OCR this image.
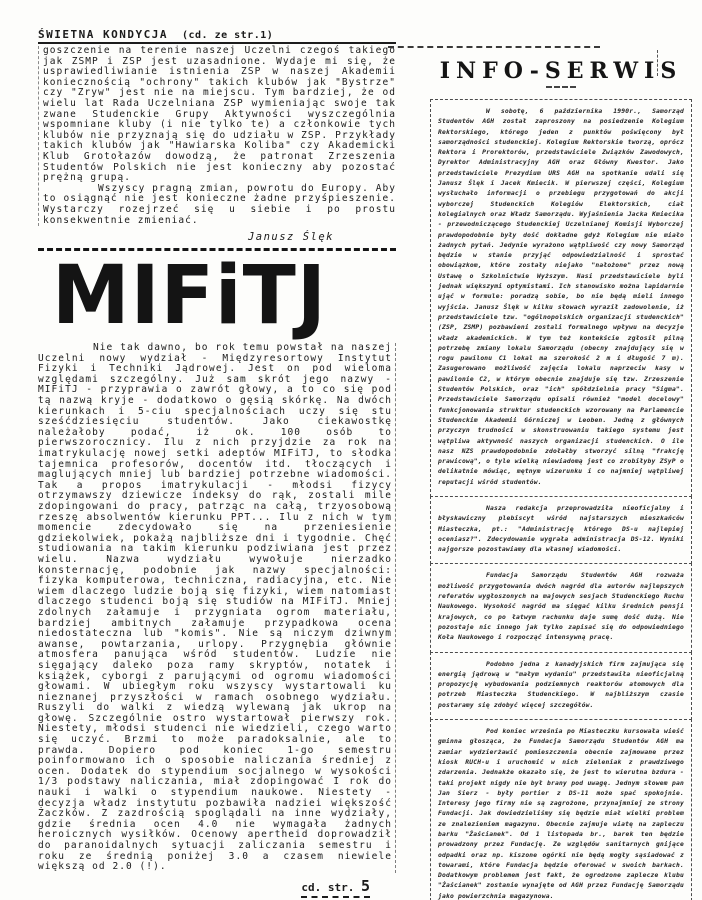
ŚWIETNA KONDYCJA (cd. ze str.1)

goszczenie na terenie naszej Uczelni czegoś takiego jak ZSMP i ZSP jest uzasadnione. Wydaje mi się, że usprawiedliwianie istnienia ZSP w naszej Akademii koniecznością "ochrony" takich klubów jak "Bystrze" czy "Zryw" jest nie na miejscu. Tym bardziej, że od wielu lat Rada Uczelniana ZSP wymieniając swoje tak zwane Studenckie Grupy Aktywności wyszczególnia wspomniane kluby (i nie tylko te) a członkowie tych klubów nie przyznają się do udziału w ZSP. Przykłady takich klubów jak "Hawiarska Koliba" czy Akademicki Klub Grotołazów dowodzą, że patronat Zrzeszenia Studentów Polskich nie jest konieczny aby pozostać prężną grupą.

Wszyscy pragną zmian, powrotu do Europy. Aby to osiągnąć nie jest konieczne żadne przyśpieszenie. Wystarczy rozejrzeć się u siebie i po prostu konsekwentnie zmieniać.

Janusz Ślęk
MIFiTJ

Nie tak dawno, bo rok temu powstał na naszej Uczelni nowy wydział - Międzyresortowy Instytut Fizyki i Techniki Jądrowej. Jest on pod wieloma względami szczególny. Już sam skrót jego nazwy - MIFiTJ - przyprawia o zawrót głowy, a to co się pod tą nazwą kryje - dodatkowo o gęsią skórkę. Na dwóch kierunkach i 5-ciu specjalnościach uczy się stu sześćdziesięciu studentów. Jako ciekawostkę należałoby podać, iż ok. 100 osób to pierwszorocznicy. Ilu z nich przyjdzie za rok na imatrykulację nowej setki adeptów MIFiTJ, to słodka tajemnica profesorów, docentów itd. tłoczących i maglujących mniej lub bardziej potrzebne wiadomości. Tak a propos imatrykulacji - młodsi fizycy otrzymawszy dziewicze indeksy do rąk, zostali mile zdopingowani do pracy, patrząc na całą, trzyosobową rzeszę absolwentów kierunku PPT... Ilu z nich w tym momencie zdecydowało się na przeniesienie gdziekolwiek, pokażą najbliższe dni i tygodnie. Chęć studiowania na takim kierunku podziwiana jest przez wielu. Nazwa wydziału wywołuje nierzadko konsternację, podobnie jak nazwy specjalności: fizyka komputerowa, techniczna, radiacyjna, etc. Nie wiem dlaczego ludzie boją się fizyki, wiem natomiast dlaczego studenci boją się studiów na MIFiTJ. Mniej zdolnych załamuje i przygniata ogrom materiału, bardziej ambitnych załamuje przypadkowa ocena niedostateczna lub "komis". Nie są niczym dziwnym awanse, powtarzania, urlopy. Przygnębia głównie atmosfera panująca wśród studentów. Ludzie nie sięgający daleko poza ramy skryptów, notatek i książek, cyborgi z parującymi od ogromu wiadomości głowami. W ubiegłym roku wszyscy wystartowali ku nieznanej przyszłości w ramach osobnego wydziału. Ruszyli do walki z wiedzą wylewaną jak ukrop na głowę. Szczególnie ostro wystartował pierwszy rok. Niestety, młodsi studenci nie wiedzieli, czego warto się uczyć. Brzmi to może paradoksalnie, ale to prawda. Dopiero pod koniec 1-go semestru poinformowano ich o sposobie naliczania średniej z ocen. Dodatek do stypendium socjalnego w wysokości 1/3 podstawy naliczania, miał zdopingować I rok do nauki i walki o stypendium naukowe. Niestety - decyzja władz instytutu pozbawiła nadziei większość Żaczków. Z zazdrością spoglądali na inne wydziały, gdzie średnia ocen 4.0 nie wymagała żadnych heroicznych wysiłków. Ocenowy apertheid doprowadził do paranoidalnych sytuacji zaliczania semestru i roku ze średnią poniżej 3.0 a czasem niewiele większą od 2.0 (!).

cd. str. 5
INFO-SERWIS

W sobotę, 6 października 1990r., Samorząd Studentów AGH został zaproszony na posiedzenie Kolegium Rektorskiego, którego jeden z punktów poświęcony był samorządności studenckiej. Kolegium Rektorskie tworzą, oprócz Rektora i Prorektorów, przedstawiciele Związków Zawodowych, Dyrektor Administracyjny AGH oraz Główny Kwestor. Jako przedstawiciele Prezydium URS AGH na spotkanie udali się Janusz Ślęk i Jacek Kmiecik. W pierwszej części, Kolegium wysłuchało informacji o przebiegu przygotowań do akcji wyborczej Studenckich Kolegiów Elektorskich, ciał kolegialnych oraz Władz Samorządu. Wyjaśnienia Jacka Kmiecika - przewodniczącego Studenckiej Uczelnianej Komisji Wyborczej prawdopodobnie były dość dokładne gdyż Kolegium nie miało żadnych pytań. Jedynie wyrażono wątpliwość czy nowy Samorząd będzie w stanie przyjąć odpowiedzialność i sprostać obowiązkom, które zostały niejako "nałożone" przez nową Ustawę o Szkolnictwie Wyższym. Nasi przedstawiciele byli jednak większymi optymistami. Ich stanowisko można lapidarnie ująć w formule: poradzą sobie, bo nie będą mieli innego wyjścia. Janusz Ślęk w kilku słowach wyraził zadowolenie, iż przedstawiciele tzw. "ogólnopolskich organizacji studenckich" (ZSP, ZSMP) pozbawieni zostali formalnego wpływu na decyzje władz akademickich. W tym też kontekście zgłosił pilną potrzebę zmiany lokalu Samorządu (obecny znajdujący się w rogu pawilonu C1 lokal ma szerokość 2 m i długość 7 m). Zasugerowano możliwość zajęcia lokalu naprzeciw kasy w pawilonie C2, w którym obecnie znajduje się tzw. Zrzeszenie Studentów Polskich, oraz "ich" spółdzielnia pracy "Sigma". Przedstawiciele Samorządu opisali również "model docelowy" funkcjonowania struktur studenckich wzorowany na Parlamencie Studenckim Akademii Górniczej w Leoben. Jedną z głównych przyczyn trudności w skonstruowaniu takiego systemu jest wątpliwa aktywność naszych organizacji studenckich. O ile nasz NZS prawdopodobnie zdołałby stworzyć silną "frakcję prawicową", o tyle wielką niewiadomą jest co zrobiłyby ZSyP o delikatnie mówiąc, mętnym wizerunku i co najmniej wątpliwej reputacji wśród studentów.

Nasza redakcja przeprowadziła nieoficjalny i błyskawiczny plebiscyt wśród najstarszych mieszkańców Miasteczka, pt.: "Administrację którego DS-u najlepiej oceniasz?". Zdecydowanie wygrała administracja DS-12. Wyniki najgorsze pozostawiamy dla własnej wiadomości.

Fundacja Samorządu Studentów AGH rozważa możliwość przygotowania dwóch nagród dla autorów najlepszych referatów wygłoszonych na majowych sesjach Studenckiego Ruchu Naukowego. Wysokość nagród ma sięgać kilku średnich pensji krajowych, co po łatwym rachunku daje sumę dość dużą. Nie pozostaje nic innego jak tylko zapisać się do odpowiedniego Koła Naukowego i rozpocząć intensywną pracę.

Podobno jedna z kanadyjskich firm zajmująca się energią jądrową w "małym wydaniu" przedstawiła nieoficjalną propozycję wybudowania podziemnych reaktorów atomowych dla potrzeb Miasteczka Studenckiego. W najbliższym czasie postaramy się zdobyć więcej szczegółów.

Pod koniec września po Miasteczku kursowała wieść gminna głosząca, że Fundacja Samorządu Studentów AGH ma zamiar wydzierżawić pomieszczenia obecnie zajmowane przez kiosk RUCH-u i uruchomić w nich zieleniak z prawdziwego zdarzenia. Jednakże okazało się, że jest to wierutna bzdura - taki projekt nigdy nie był brany pod uwagę. Jednym słowem pan Jan Sierz - były portier z DS-11 może spać spokojnie. Interesy jego firmy nie są zagrożone, przynajmniej ze strony Fundacji. Jak dowiedzieliśmy się będzie miał wielki problem ze znalezieniem magazynu. Obecnie zajmuje wiatę na zapleczu barku "Żaścianek". Od 1 listopada br., barek ten będzie prowadzony przez Fundację. Ze względów sanitarnych gnijące odpadki oraz np. kiszone ogórki nie będą mogły sąsiadować z towarami, które Fundacja będzie oferować w swoich barkach. Dodatkowym problemem jest fakt, że ogrodzone zaplecze klubu "Żaścianek" zostanie wynajęte od AGH przez Fundację Samorządu jako powierzchnia magazynowa.
